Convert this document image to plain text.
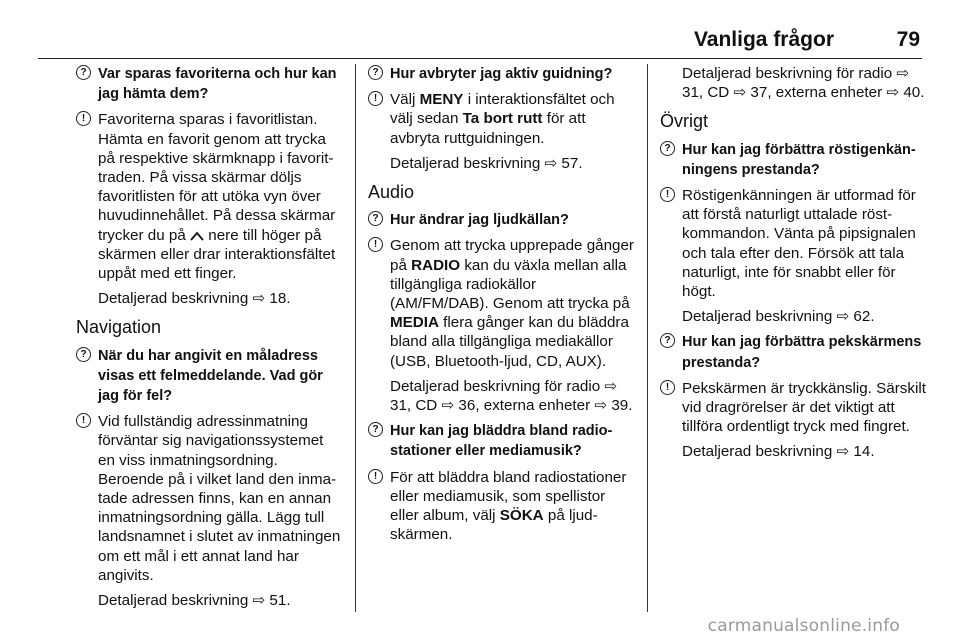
Vanliga frågor	79
? Var sparas favoriterna och hur kan jag hämta dem?
! Favoriterna sparas i favoritlistan. Hämta en favorit genom att trycka på respektive skärmknapp i favorittraden. På vissa skärmar döljs favoritlisten för att utöka vyn över huvudinnehållet. På dessa skärmar trycker du på nere till höger på skärmen eller drar interaktionsfältet uppåt med ett finger.
Detaljerad beskrivning ⇨ 18.
Navigation
? När du har angivit en måladress visas ett felmeddelande. Vad gör jag för fel?
! Vid fullständig adressinmatning förväntar sig navigationssystemet en viss inmatningsordning. Beroende på i vilket land den inmatade adressen finns, kan en annan inmatningsordning gälla. Lägg tull landsnamnet i slutet av inmatningen om ett mål i ett annat land har angivits.
Detaljerad beskrivning ⇨ 51.
? Hur avbryter jag aktiv guidning?
! Välj MENY i interaktionsfältet och välj sedan Ta bort rutt för att avbryta ruttguidningen.
Detaljerad beskrivning ⇨ 57.
Audio
? Hur ändrar jag ljudkällan?
! Genom att trycka upprepade gånger på RADIO kan du växla mellan alla tillgängliga radiokällor (AM/FM/DAB). Genom att trycka på MEDIA flera gånger kan du bläddra bland alla tillgängliga mediakällor (USB, Bluetooth-ljud, CD, AUX).
Detaljerad beskrivning för radio ⇨ 31, CD ⇨ 36, externa enheter ⇨ 39.
? Hur kan jag bläddra bland radiostationer eller mediamusik?
! För att bläddra bland radiostationer eller mediamusik, som spellistor eller album, välj SÖKA på ljudskärmen.
Detaljerad beskrivning för radio ⇨ 31, CD ⇨ 37, externa enheter ⇨ 40.
Övrigt
? Hur kan jag förbättra röstigenkänningens prestanda?
! Röstigenkänningen är utformad för att förstå naturligt uttalade röstkommandon. Vänta på pipsignalen och tala efter den. Försök att tala naturligt, inte för snabbt eller för högt.
Detaljerad beskrivning ⇨ 62.
? Hur kan jag förbättra pekskärmens prestanda?
! Pekskärmen är tryckkänslig. Särskilt vid dragrörelser är det viktigt att tillföra ordentligt tryck med fingret.
Detaljerad beskrivning ⇨ 14.
carmanualsonline.info
